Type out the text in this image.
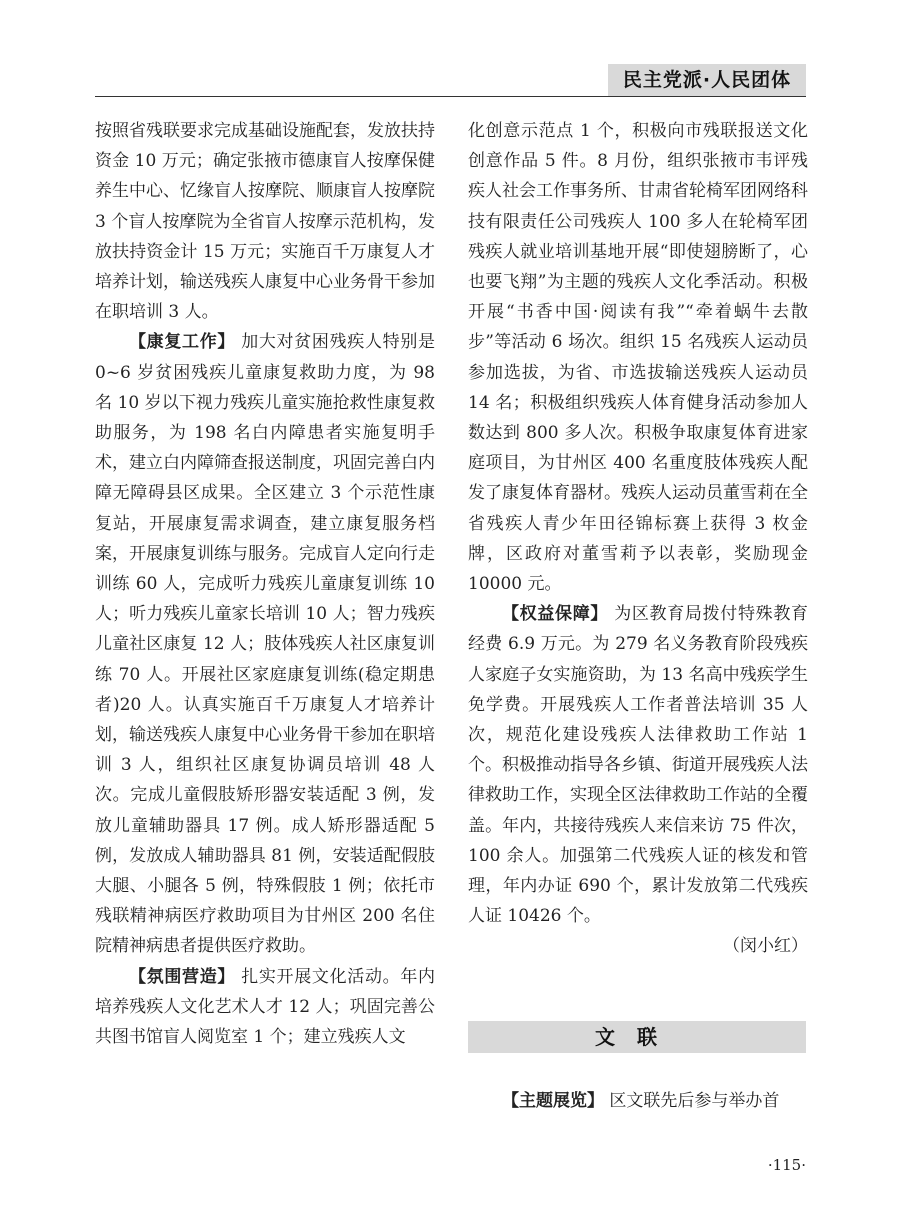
民主党派·人民团体

按照省残联要求完成基础设施配套，发放扶持资金 10 万元；确定张掖市德康盲人按摩保健养生中心、忆缘盲人按摩院、顺康盲人按摩院 3 个盲人按摩院为全省盲人按摩示范机构，发放扶持资金计 15 万元；实施百千万康复人才培养计划，输送残疾人康复中心业务骨干参加在职培训 3 人。

【康复工作】 加大对贫困残疾人特别是 0~6 岁贫困残疾儿童康复救助力度，为 98 名 10 岁以下视力残疾儿童实施抢救性康复救助服务，为 198 名白内障患者实施复明手术，建立白内障筛查报送制度，巩固完善白内障无障碍县区成果。全区建立 3 个示范性康复站，开展康复需求调查，建立康复服务档案，开展康复训练与服务。完成盲人定向行走训练 60 人，完成听力残疾儿童康复训练 10 人；听力残疾儿童家长培训 10 人；智力残疾儿童社区康复 12 人；肢体残疾人社区康复训练 70 人。开展社区家庭康复训练(稳定期患者)20 人。认真实施百千万康复人才培养计划，输送残疾人康复中心业务骨干参加在职培训 3 人，组织社区康复协调员培训 48 人次。完成儿童假肢矫形器安装适配 3 例，发放儿童辅助器具 17 例。成人矫形器适配 5 例，发放成人辅助器具 81 例，安装适配假肢大腿、小腿各 5 例，特殊假肢 1 例；依托市残联精神病医疗救助项目为甘州区 200 名住院精神病患者提供医疗救助。

【氛围营造】 扎实开展文化活动。年内培养残疾人文化艺术人才 12 人；巩固完善公共图书馆盲人阅览室 1 个；建立残疾人文

化创意示范点 1 个，积极向市残联报送文化创意作品 5 件。8 月份，组织张掖市韦评残疾人社会工作事务所、甘肃省轮椅军团网络科技有限责任公司残疾人 100 多人在轮椅军团残疾人就业培训基地开展“即使翅膀断了，心也要飞翔”为主题的残疾人文化季活动。积极开展“书香中国·阅读有我”“牵着蜗牛去散步”等活动 6 场次。组织 15 名残疾人运动员参加选拔，为省、市选拔输送残疾人运动员 14 名；积极组织残疾人体育健身活动参加人数达到 800 多人次。积极争取康复体育进家庭项目，为甘州区 400 名重度肢体残疾人配发了康复体育器材。残疾人运动员董雪莉在全省残疾人青少年田径锦标赛上获得 3 枚金牌，区政府对董雪莉予以表彰，奖励现金 10000 元。

【权益保障】 为区教育局拨付特殊教育经费 6.9 万元。为 279 名义务教育阶段残疾人家庭子女实施资助，为 13 名高中残疾学生免学费。开展残疾人工作者普法培训 35 人次，规范化建设残疾人法律救助工作站 1 个。积极推动指导各乡镇、街道开展残疾人法律救助工作，实现全区法律救助工作站的全覆盖。年内，共接待残疾人来信来访 75 件次，100 余人。加强第二代残疾人证的核发和管理，年内办证 690 个，累计发放第二代残疾人证 10426 个。

（闵小红）

文联

【主题展览】 区文联先后参与举办首

·115·
